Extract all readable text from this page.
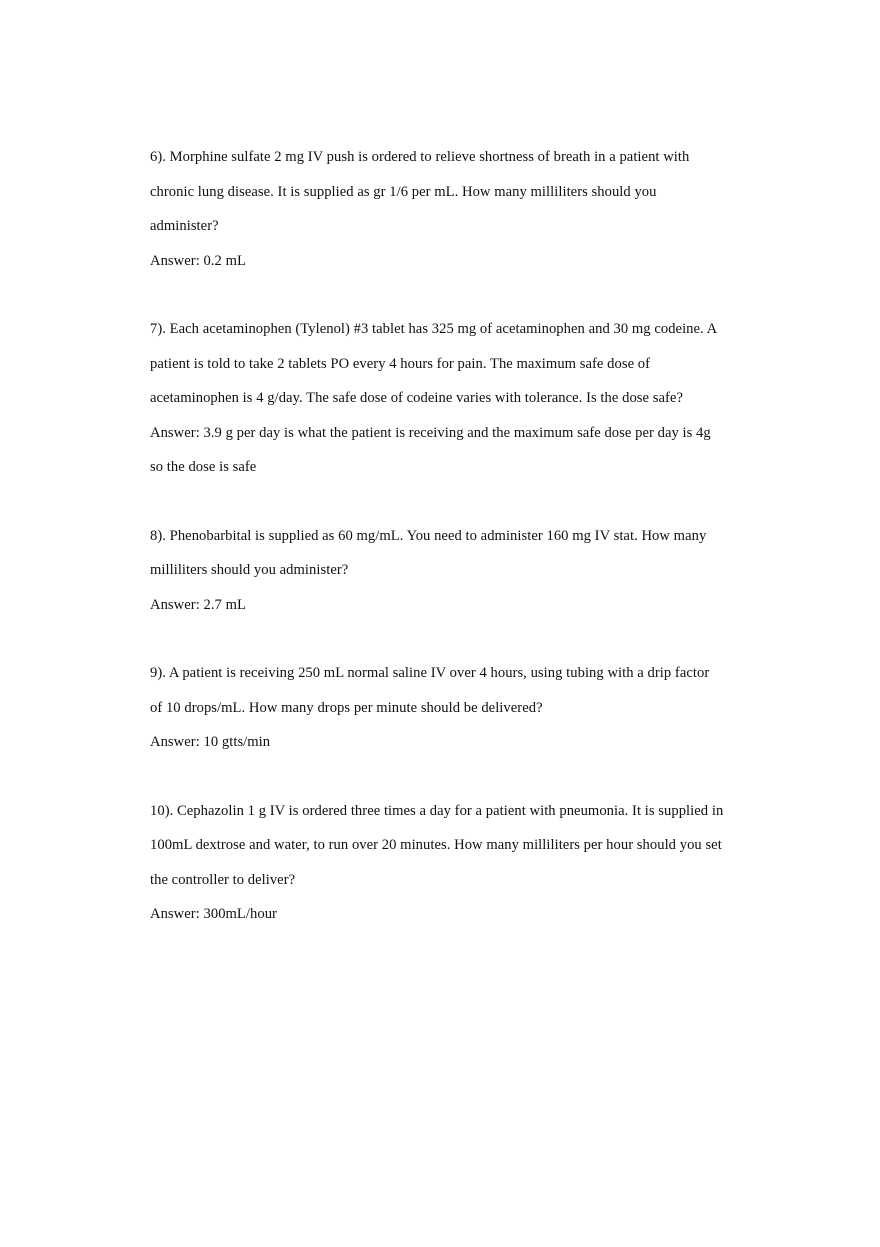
6). Morphine sulfate 2 mg IV push is ordered to relieve shortness of breath in a patient with
chronic lung disease. It is supplied as gr 1/6 per mL. How many milliliters should you
administer?

Answer: 0.2 mL

7). Each acetaminophen (Tylenol) #3 tablet has 325 mg of acetaminophen and 30 mg codeine. A
patient is told to take 2 tablets PO every 4 hours for pain. The maximum safe dose of
acetaminophen is 4 g/day. The safe dose of codeine varies with tolerance. Is the dose safe?

Answer: 3.9 g per day is what the patient is receiving and the maximum safe dose per day is 4g
so the dose is safe

8). Phenobarbital is supplied as 60 mg/mL. You need to administer 160 mg IV stat. How many
milliliters should you administer?

Answer: 2.7 mL

9). A patient is receiving 250 mL normal saline IV over 4 hours, using tubing with a drip factor
of 10 drops/mL. How many drops per minute should be delivered?

Answer: 10 gtts/min

10). Cephazolin 1 g IV is ordered three times a day for a patient with pneumonia. It is supplied in
100mL dextrose and water, to run over 20 minutes. How many milliliters per hour should you set
the controller to deliver?

Answer: 300mL/hour
